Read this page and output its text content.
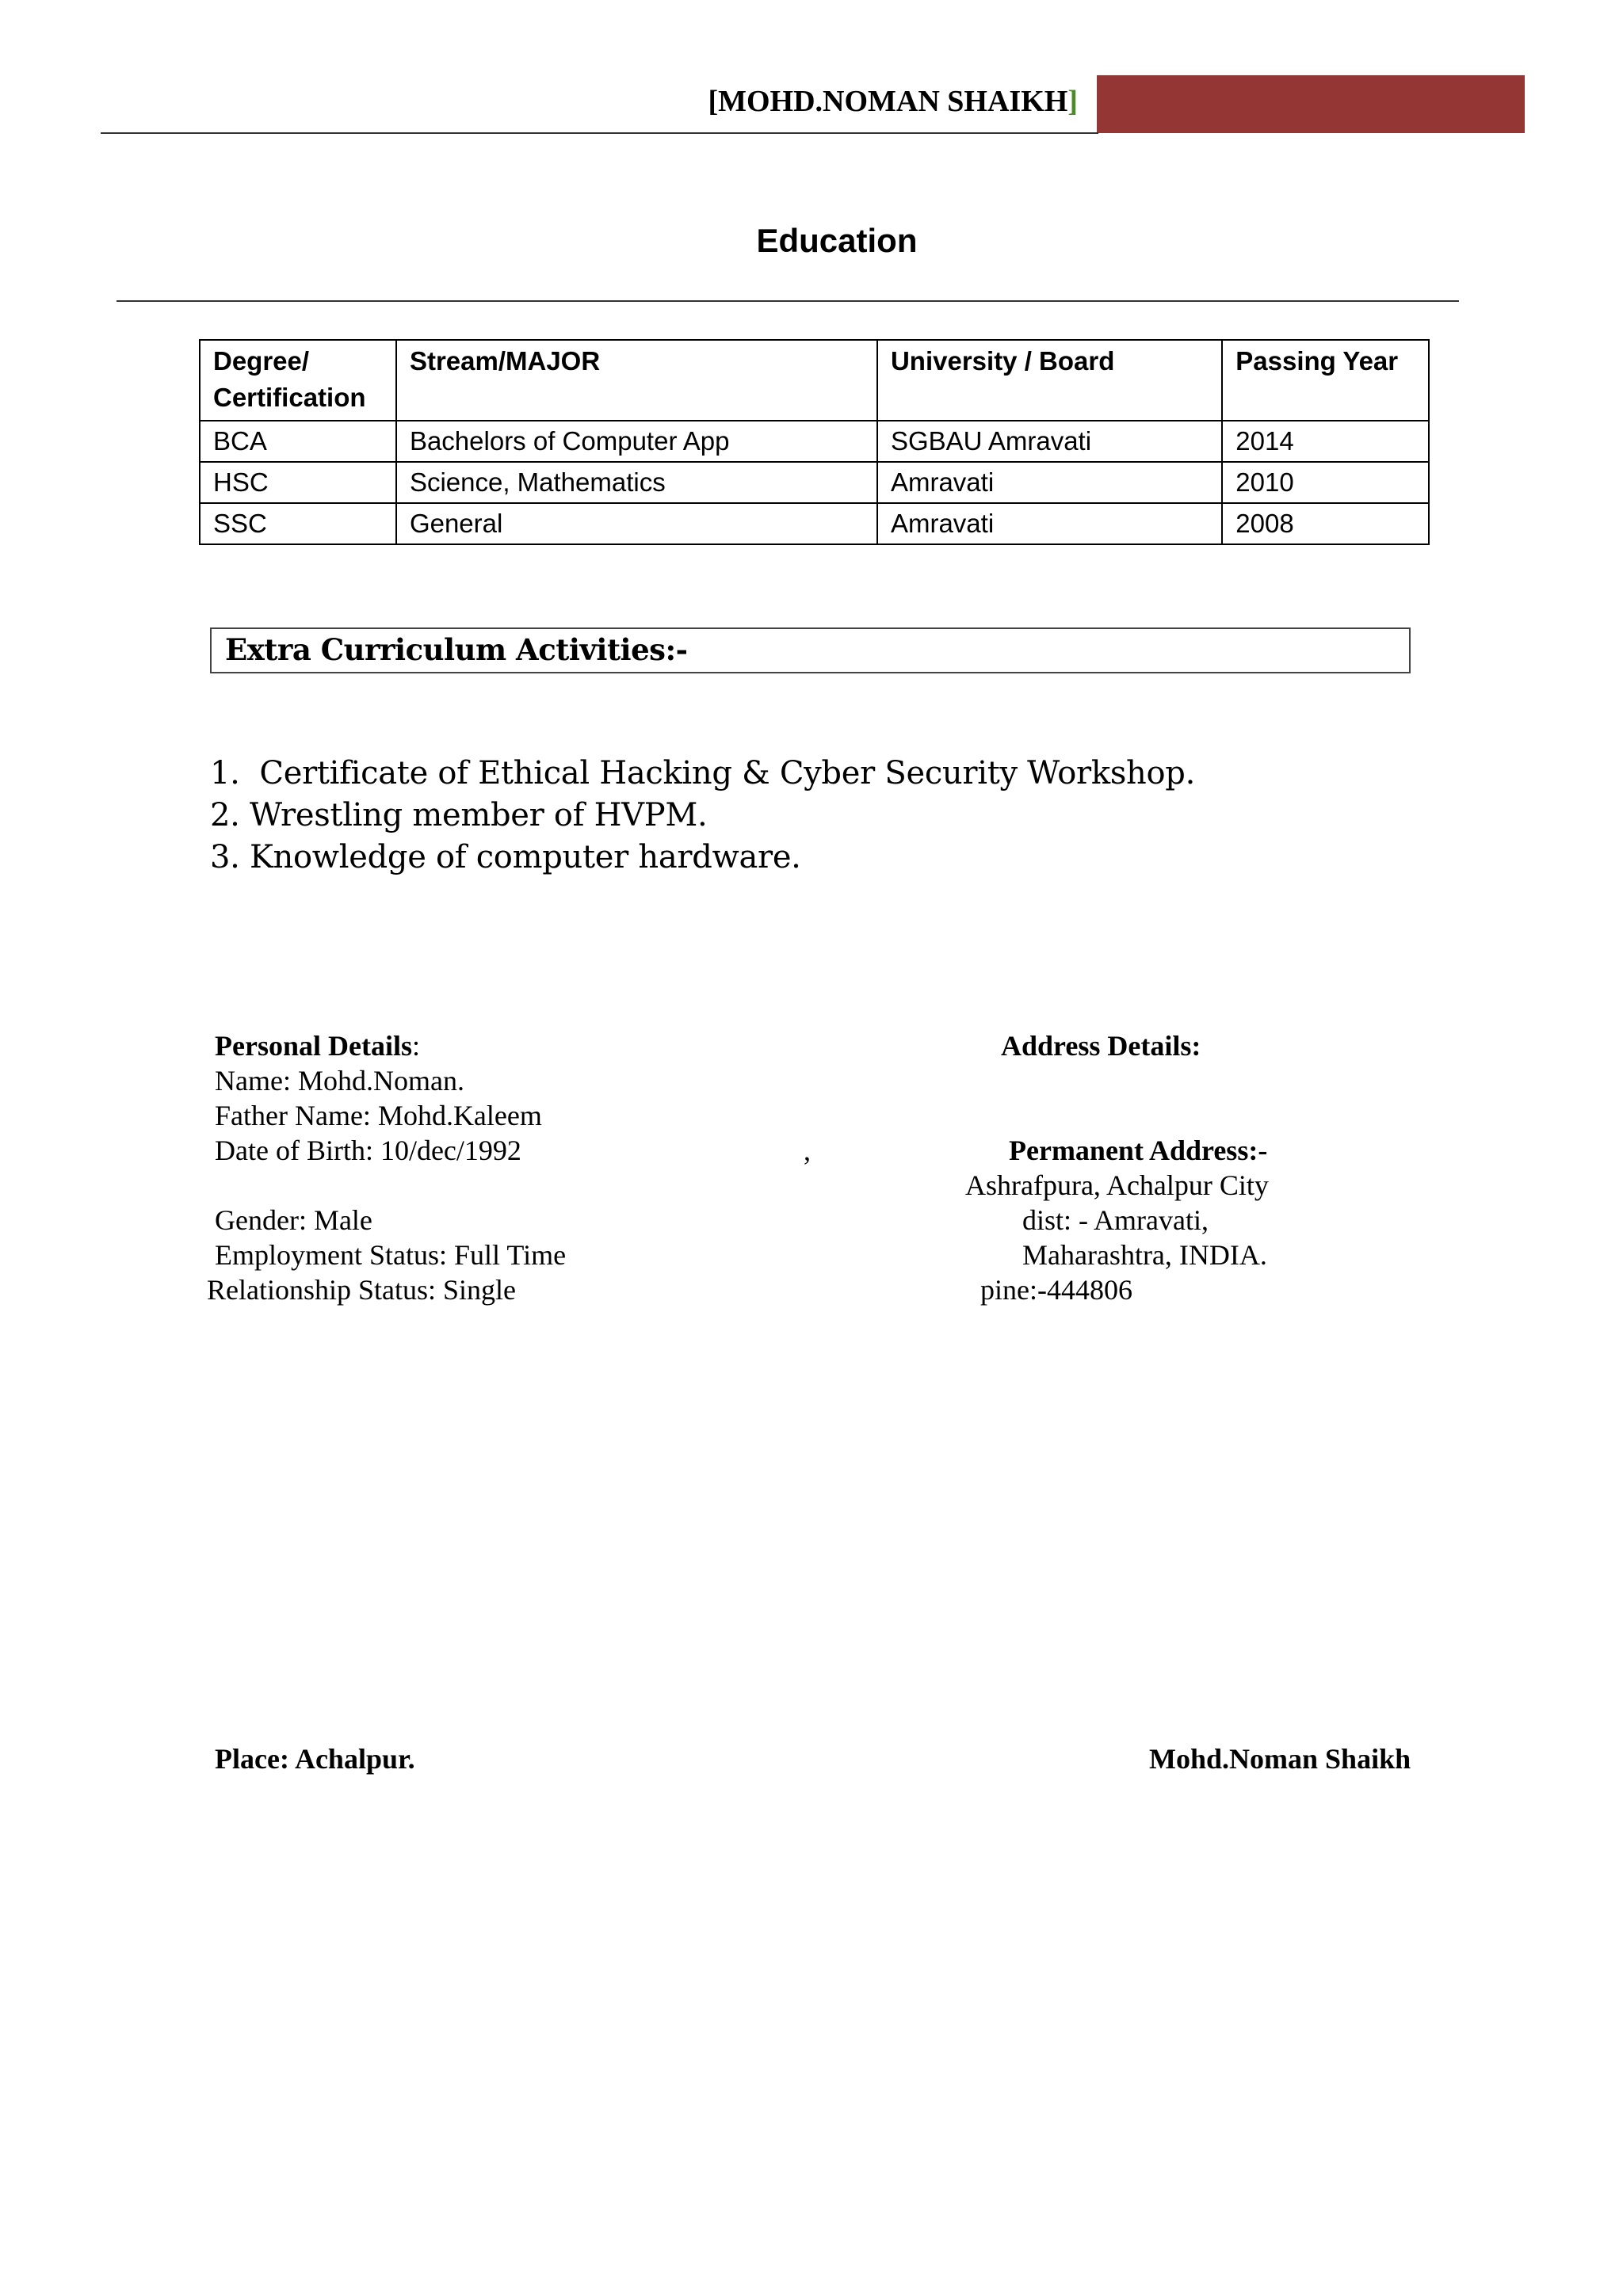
[MOHD.NOMAN SHAIKH]
Education
Degree/ Certification	Stream/MAJOR	University / Board	Passing Year
BCA	Bachelors of Computer App	SGBAU Amravati	2014
HSC	Science, Mathematics	Amravati	2010
SSC	General	Amravati	2008
Extra Curriculum Activities:-
1.  Certificate of Ethical Hacking & Cyber Security Workshop.
2. Wrestling member of HVPM.
3. Knowledge of computer hardware.
Personal Details:
Name: Mohd.Noman.
Father Name: Mohd.Kaleem
Date of Birth: 10/dec/1992	,
Gender: Male
Employment Status: Full Time
Relationship Status: Single
Address Details:
Permanent Address:-
Ashrafpura, Achalpur City
dist: - Amravati,
Maharashtra, INDIA.
pine:-444806
Place: Achalpur.	Mohd.Noman Shaikh
